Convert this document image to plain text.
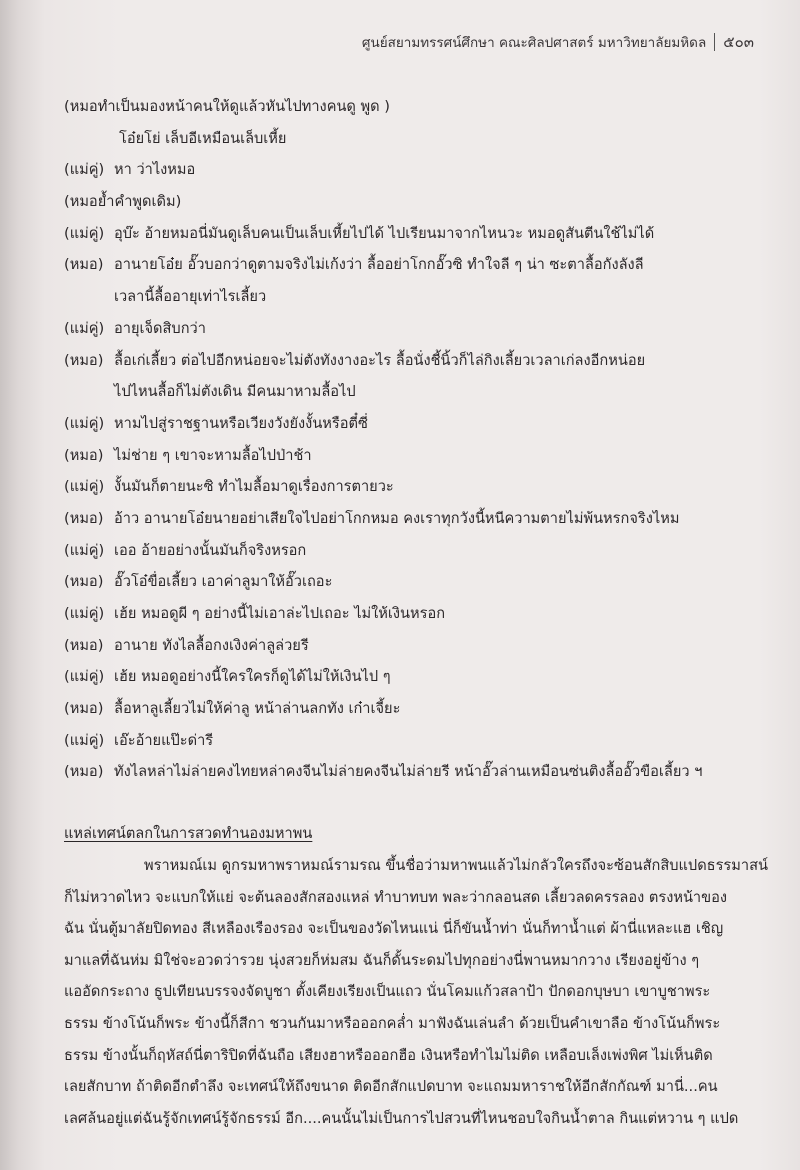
ศูนย์สยามทรรศน์ศึกษา คณะศิลปศาสตร์ มหาวิทยาลัยมหิดล ๕๐๓
(หมอทำเป็นมองหน้าคนให้ดูแล้วหันไปทางคนดู พูด )
โอ๋ยโย่ เล็บอีเหมือนเล็บเหี้ย
(แม่คู่) หา ว่าไงหมอ
(หมอย้ำคำพูดเดิม)
(แม่คู่) อุบ๊ะ อ้ายหมอนี่มันดูเล็บคนเป็นเล็บเหี้ยไปได้ ไปเรียนมาจากไหนวะ หมอดูสันตีนใช้ไม่ได้
(หมอ) อานายโอ๋ย อั๊วบอกว่าดูตามจริงไม่เก้งว่า ลื้ออย่าโกกอั๊วซิ ทำใจลี ๆ น่า ซะตาลื้อกังลังลี
เวลานี้ลื้ออายุเท่าไรเลี้ยว
(แม่คู่) อายุเจ็ดสิบกว่า
(หมอ) ลื้อเก่เลี้ยว ต่อไปอีกหน่อยจะไม่ตังทังงางอะไร ลื้อนั่งชี้นิ้วก็ไล่กิงเลี้ยวเวลาเก่ลงอีกหน่อย
ไปไหนลื้อก็ไม่ตังเดิน มีคนมาหามลื้อไป
(แม่คู่) หามไปสู่ราชฐานหรือเวียงวังยังงั้นหรือตี๋ซี่
(หมอ) ไม่ช่าย ๆ เขาจะหามลื้อไปป่าช้า
(แม่คู่) งั้นมันก็ตายนะซิ ทำไมลื้อมาดูเรื่องการตายวะ
(หมอ) อ้าว อานายโอ๋ยนายอย่าเสียใจไปอย่าโกกหมอ คงเราทุกวังนี้หนีความตายไม่พ้นหรกจริงไหม
(แม่คู่) เออ อ้ายอย่างนั้นมันก็จริงหรอก
(หมอ) อั๊วโอ๋ขื่อเลี้ยว เอาค่าลูมาให้อั๊วเถอะ
(แม่คู่) เฮ้ย หมอดูผี ๆ อย่างนี้ไม่เอาล่ะไปเถอะ ไม่ให้เงินหรอก
(หมอ) อานาย ทังไลลื้อกงเงิงค่าลูล่วยรี
(แม่คู่) เฮ้ย หมอดูอย่างนี้ใครใครก็ดูได้ไม่ให้เงินไป ๆ
(หมอ) ลื้อหาลูเลี้ยวไม่ให้ค่าลู หน้าล่านลกทัง เก๋าเจี้ยะ
(แม่คู่) เอ๊ะอ้ายแป๊ะด่ารี
(หมอ) ทังไลหล่าไม่ล่ายคงไทยหล่าคงจีนไม่ล่ายคงจีนไม่ล่ายรี หน้าอั๊วล่านเหมือนซ่นติงลื้ออั๊วขือเลี้ยว ฯ
แหล่เทศน์ตลกในการสวดทำนองมหาพน
พราหมณ์เม ดูกรมหาพราหมณ์รามรณ ขึ้นชื่อว่ามหาพนแล้วไม่กลัวใครถึงจะซ้อนสักสิบแปดธรรมาสน์
ก็ไม่หวาดไหว จะแบกให้แย่ จะต้นลองสักสองแหล่ ทำบาทบท พละว่ากลอนสด เลี้ยวลดครรลอง ตรงหน้าของ
ฉัน นั่นตู้มาลัยปิดทอง สีเหลืองเรืองรอง จะเป็นของวัดไหนแน่ นี่ก็ขันน้ำท่า นั่นก็ทาน้ำแต่ ผ้านี่แหละแฮ เชิญ
มาแลที่ฉันห่ม มิใช่จะอวดว่ารวย นุ่งสวยก็ห่มสม ฉันก็ดั้นระดมไปทุกอย่างนี่พานหมากวาง เรียงอยู่ข้าง ๆ
แออัดกระถาง ธูปเทียนบรรจงจัดบูชา ตั้งเคียงเรียงเป็นแถว นั่นโคมแก้วสลาป้า ปักดอกบุษบา เขาบูชาพระ
ธรรม ข้างโน้นก็พระ ข้างนี้ก็สีกา ชวนกันมาหรือออกคล่ำ มาฟังฉันเล่นลำ ด้วยเป็นคำเขาลือ ข้างโน้นก็พระ
ธรรม ข้างนั้นก็ฤหัสถ์นี่ตาริปิดที่ฉันถือ เสียงฮาหรือออกฮือ เงินหรือทำไมไม่ติด เหลือบเล็งเพ่งพิศ ไม่เห็นติด
เลยสักบาท ถ้าติดอีกตำลึง จะเทศน์ให้ถึงขนาด ติดอีกสักแปดบาท จะแถมมหาราชให้อีกสักกัณฑ์ มานี่...คน
เลศล้นอยู่แต่ฉันรู้จักเทศน์รู้จักธรรม์ อีก....คนนั้นไม่เป็นการไปสวนที่ไหนชอบใจกินน้ำตาล กินแต่หวาน ๆ แปด
